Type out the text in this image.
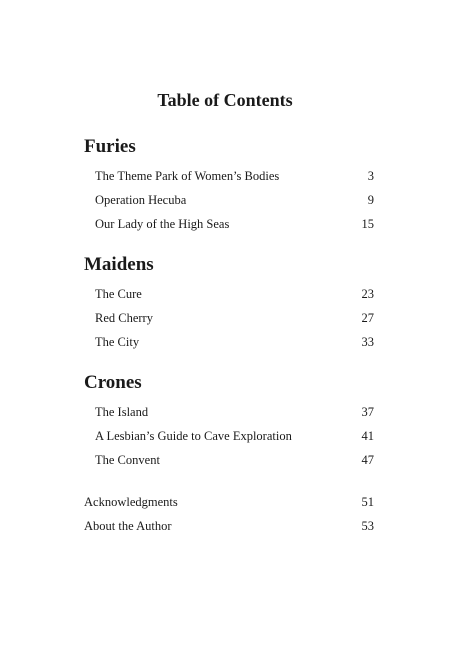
Table of Contents
Furies
The Theme Park of Women’s Bodies	3
Operation Hecuba	9
Our Lady of the High Seas	15
Maidens
The Cure	23
Red Cherry	27
The City	33
Crones
The Island	37
A Lesbian’s Guide to Cave Exploration	41
The Convent	47
Acknowledgments	51
About the Author	53
